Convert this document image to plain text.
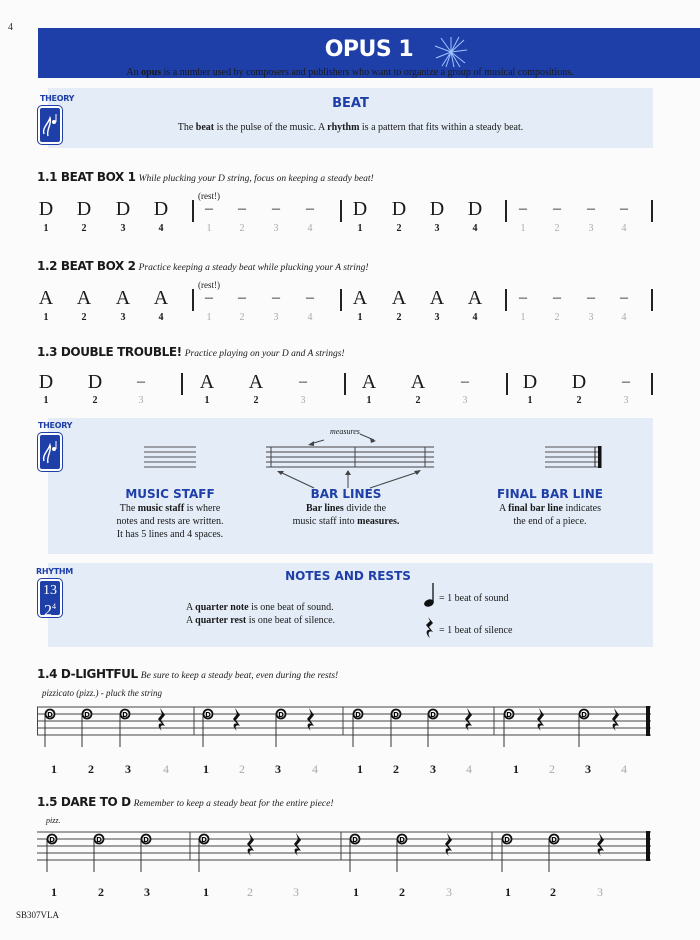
4
OPUS 1
An opus is a number used by composers and publishers who want to organize a group of musical compositions.
THEORY	BEAT
The beat is the pulse of the music. A rhythm is a pattern that fits within a steady beat.
1.1 BEAT BOX 1 While plucking your D string, focus on keeping a steady beat!
D D D D
1	2	3	4
(rest!)
–	–	–	–
1	2	3	4
D D D D
1	2	3	4
–	–	–	–
1	2	3	4
1.2 BEAT BOX 2 Practice keeping a steady beat while plucking your A string!
A A A A
1	2	3	4
(rest!)
–	–	–	–
1	2	3	4
A A A A
1	2	3	4
–	–	–	–
1	2	3	4
1.3 DOUBLE TROUBLE! Practice playing on your D and A strings!
D D	–
1	2	3
A A	–
1	2	3
A A	–
1	2	3
D D	–
1	2	3
THEORY
measures
MUSIC STAFF
The music staff is where
notes and rests are written.
It has 5 lines and 4 spaces.
BAR LINES
Bar lines divide the
music staff into measures.
FINAL BAR LINE
A final bar line indicates
the end of a piece.
RHYTHM
13
$2^4$
NOTES AND RESTS
A quarter note is one beat of sound.
A quarter rest is one beat of silence.
= 1 beat of sound
= 1 beat of silence
1.4 D-LIGHTFUL Be sure to keep a steady beat, even during the rests!
pizzicato (pizz.) - pluck the string
D	D	D	D	D	D	D	D	D	D
1	2	3	4	1	2	3	4	1	2	3	4	1	2	3	4
1.5 DARE TO D Remember to keep a steady beat for the entire piece!
pizz.
D	D	D	D	D	D	D	D
1	2	3	1	2	3	1	2	3	1	2	3
SB307VLA
